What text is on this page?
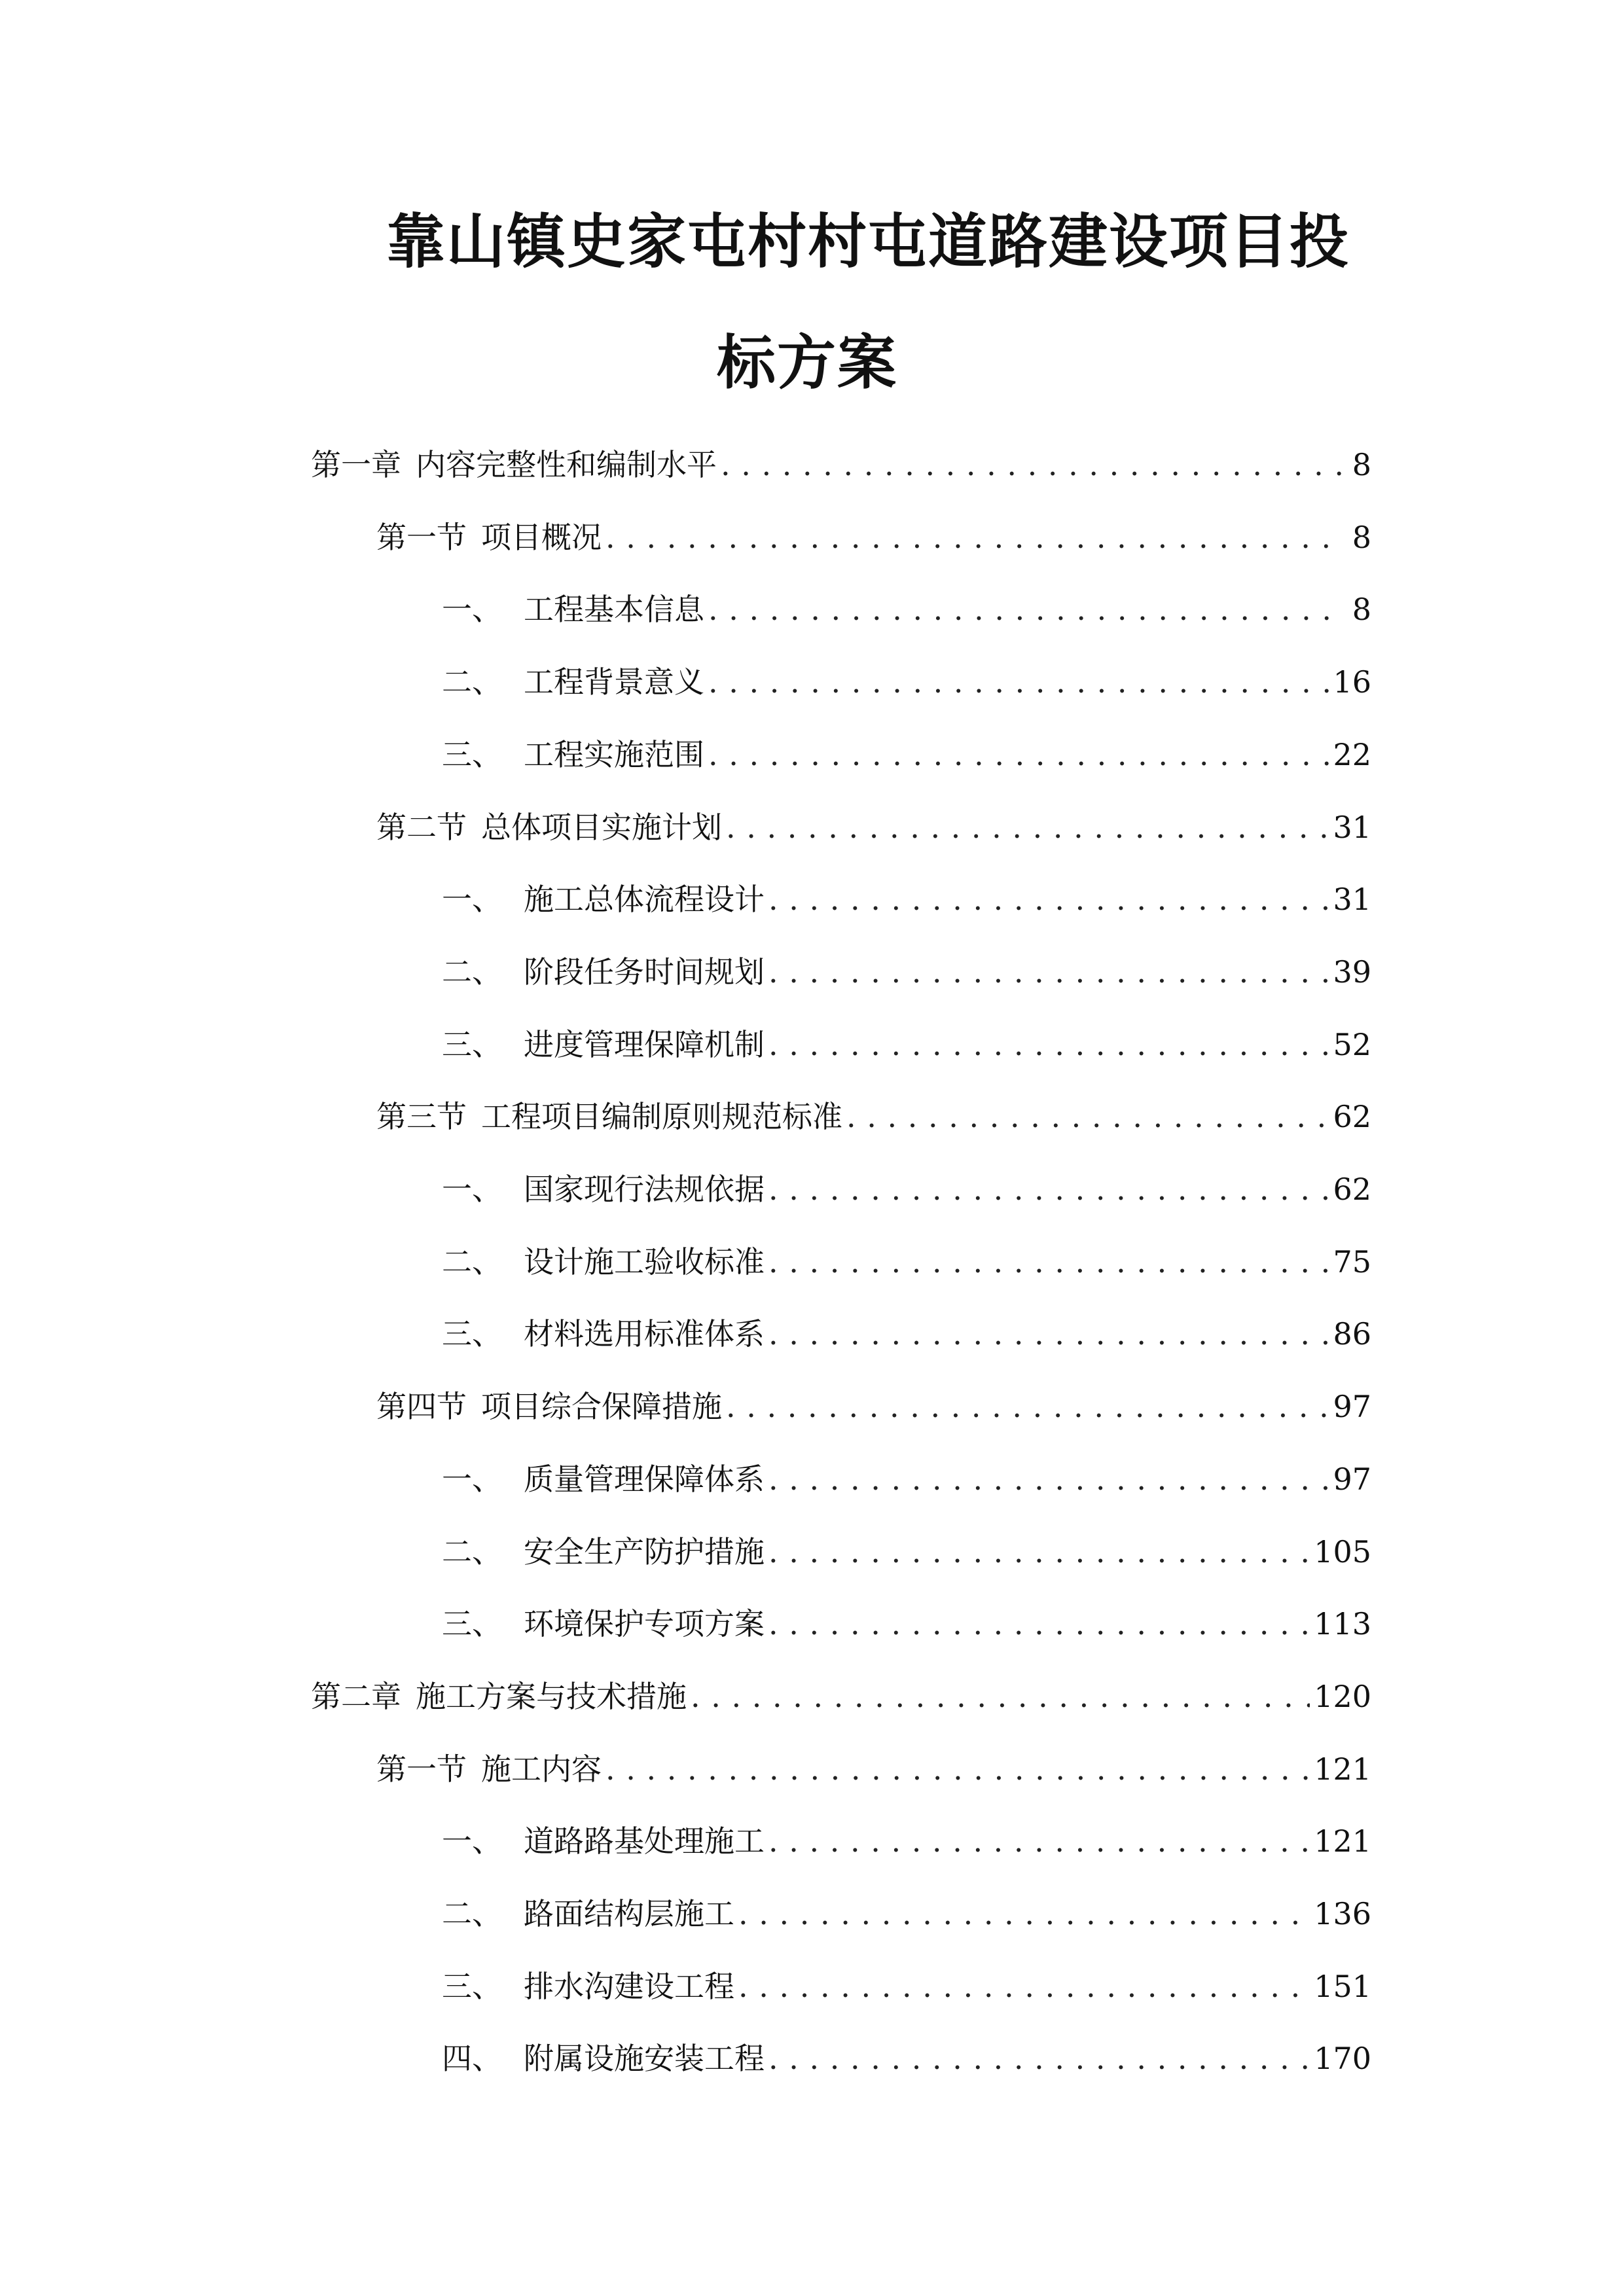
靠山镇史家屯村村屯道路建设项目投
标方案
第一章 内容完整性和编制水平 . . .	8
第一节 项目概况 . . .	8
一、 工程基本信息 . . .	8
二、 工程背景意义 . . .	16
三、 工程实施范围 . . .	22
第二节 总体项目实施计划 . . .	31
一、 施工总体流程设计 . . .	31
二、 阶段任务时间规划 . . .	39
三、 进度管理保障机制 . . .	52
第三节 工程项目编制原则规范标准 . . .	62
一、 国家现行法规依据 . . .	62
二、 设计施工验收标准 . . .	75
三、 材料选用标准体系 . . .	86
第四节 项目综合保障措施 . . .	97
一、 质量管理保障体系 . . .	97
二、 安全生产防护措施 . . .	105
三、 环境保护专项方案 . . .	113
第二章 施工方案与技术措施 . . .	120
第一节 施工内容 . . .	121
一、 道路路基处理施工 . . .	121
二、 路面结构层施工 . . .	136
三、 排水沟建设工程 . . .	151
四、 附属设施安装工程 . . .	170
